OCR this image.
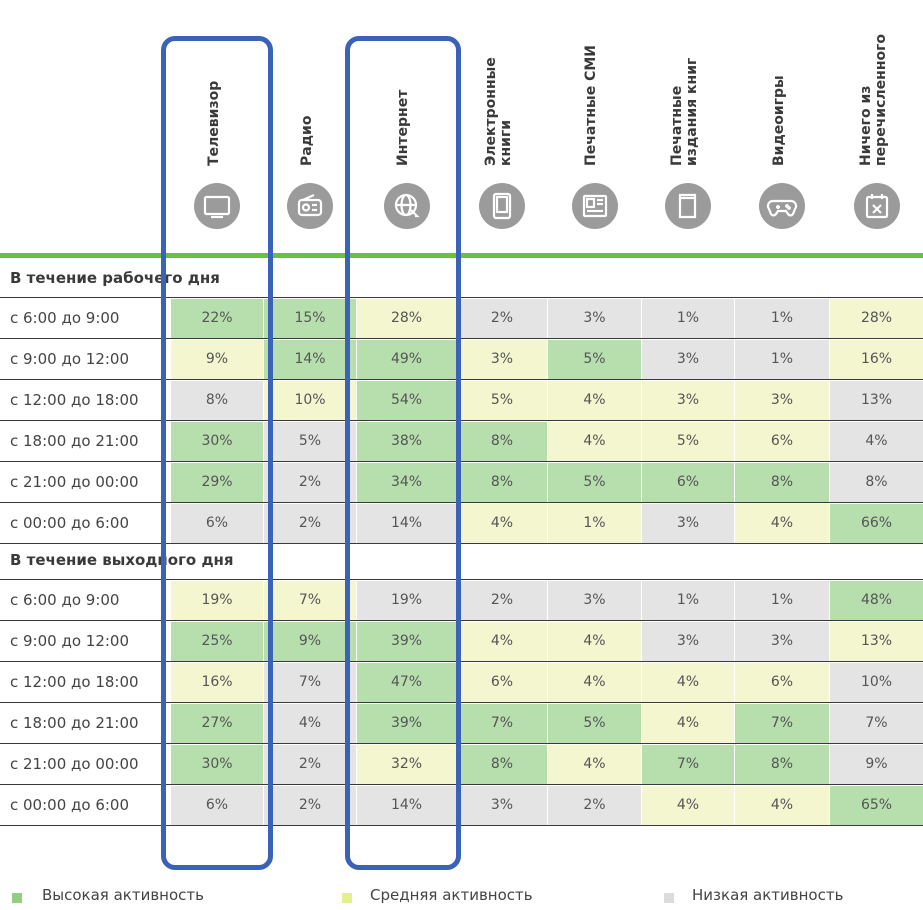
Телевизор	Радио	Интернет	Электронные
книги	Печатные СМИ	Печатные
издания книг	Видеоигры	Ничего из
перечисленного
В течение рабочего дня
с 6:00 до 9:00	22%	15%	28%	2%	3%	1%	1%	28%
с 9:00 до 12:00	9%	14%	49%	3%	5%	3%	1%	16%
с 12:00 до 18:00	8%	10%	54%	5%	4%	3%	3%	13%
с 18:00 до 21:00	30%	5%	38%	8%	4%	5%	6%	4%
с 21:00 до 00:00	29%	2%	34%	8%	5%	6%	8%	8%
с 00:00 до 6:00	6%	2%	14%	4%	1%	3%	4%	66%
В течение выходного дня
с 6:00 до 9:00	19%	7%	19%	2%	3%	1%	1%	48%
с 9:00 до 12:00	25%	9%	39%	4%	4%	3%	3%	13%
с 12:00 до 18:00	16%	7%	47%	6%	4%	4%	6%	10%
с 18:00 до 21:00	27%	4%	39%	7%	5%	4%	7%	7%
с 21:00 до 00:00	30%	2%	32%	8%	4%	7%	8%	9%
с 00:00 до 6:00	6%	2%	14%	3%	2%	4%	4%	65%
Высокая активность	Средняя активность	Низкая активность
